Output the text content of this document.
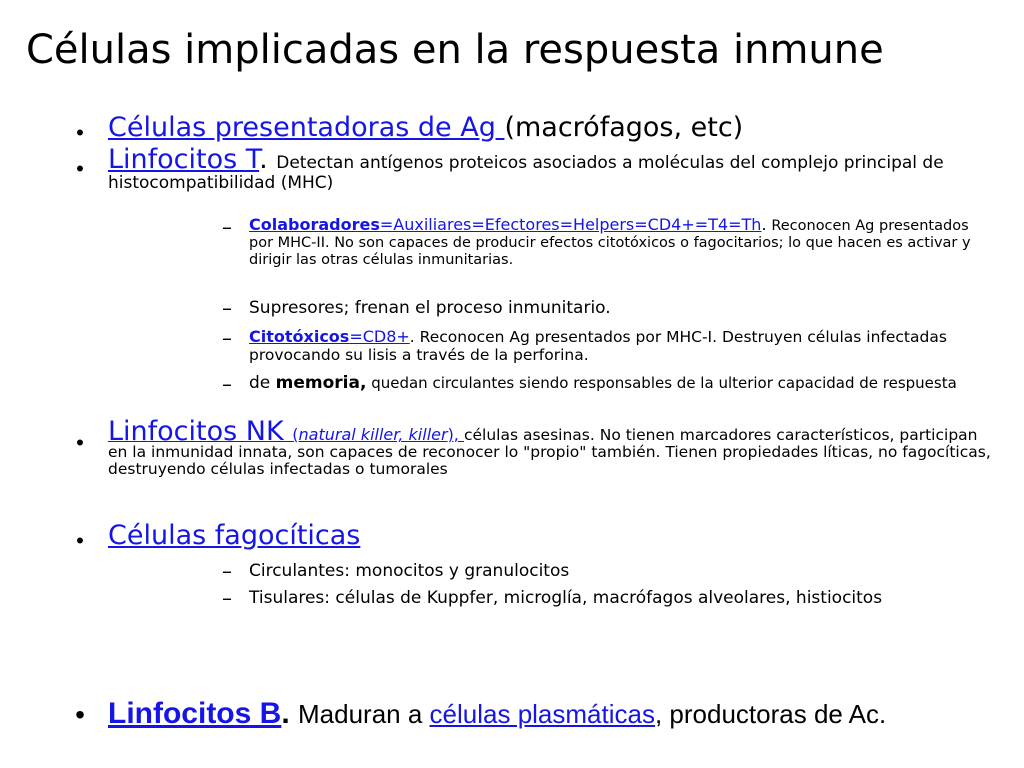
Células implicadas en la respuesta inmune
• Células presentadoras de Ag (macrófagos, etc)
• Linfocitos T. Detectan antígenos proteicos asociados a moléculas del complejo principal de histocompatibilidad (MHC)
–	Colaboradores=Auxiliares=Efectores=Helpers=CD4+=T4=Th. Reconocen Ag presentados por MHC-II. No son capaces de producir efectos citotóxicos o fagocitarios; lo que hacen es activar y dirigir las otras células inmunitarias.
–	Supresores; frenan el proceso inmunitario.
–	Citotóxicos=CD8+. Reconocen Ag presentados por MHC-I. Destruyen células infectadas provocando su lisis a través de la perforina.
–	de memoria, quedan circulantes siendo responsables de la ulterior capacidad de respuesta
• Linfocitos NK (natural killer, killer), células asesinas. No tienen marcadores característicos, participan en la inmunidad innata, son capaces de reconocer lo "propio" también. Tienen propiedades líticas, no fagocíticas, destruyendo células infectadas o tumorales
• Células fagocíticas
–	Circulantes: monocitos y granulocitos
–	Tisulares: células de Kuppfer, microglía, macrófagos alveolares, histiocitos
• Linfocitos B. Maduran a células plasmáticas, productoras de Ac.
